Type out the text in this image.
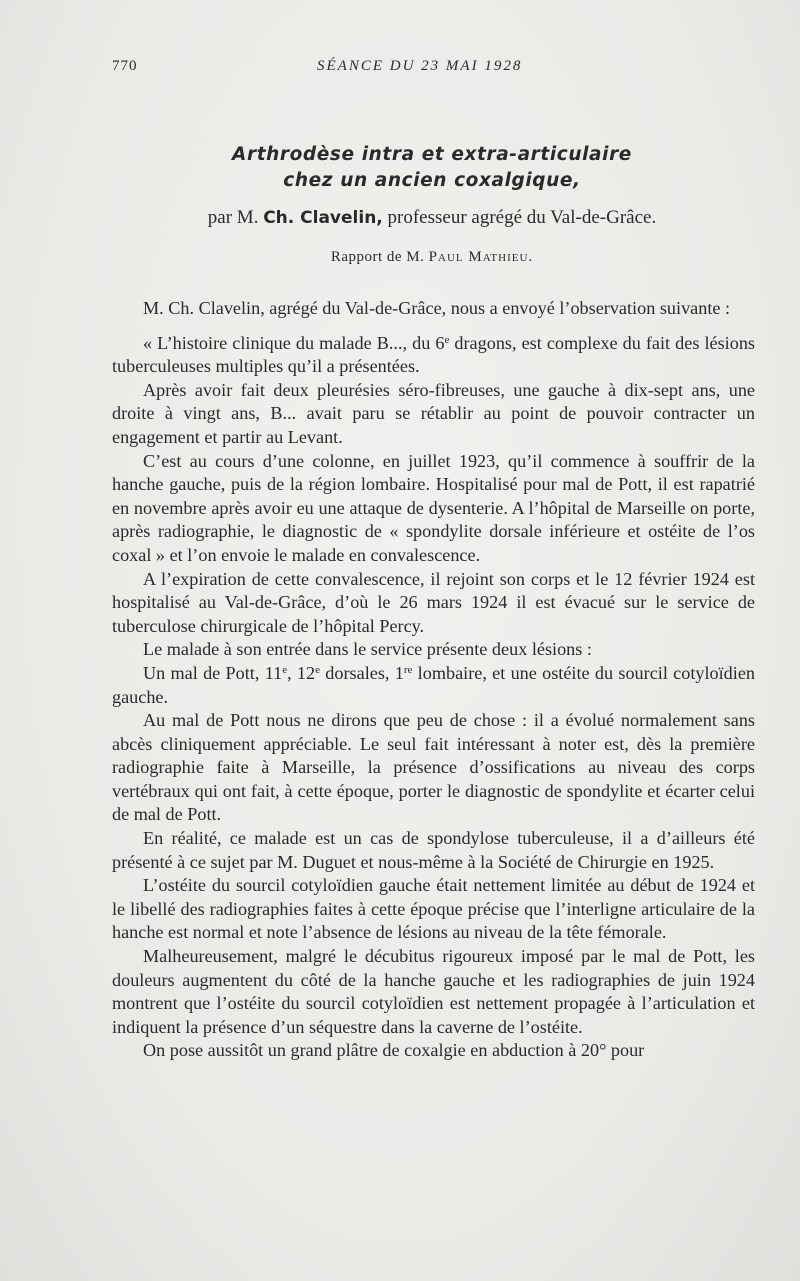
770	SÉANCE DU 23 MAI 1928
Arthrodèse intra et extra-articulaire
chez un ancien coxalgique,
par M. Ch. Clavelin, professeur agrégé du Val-de-Grâce.
Rapport de M. Paul Mathieu.

M. Ch. Clavelin, agrégé du Val-de-Grâce, nous a envoyé l’observation suivante :

« L’histoire clinique du malade B..., du 6e dragons, est complexe du fait des lésions tuberculeuses multiples qu’il a présentées.

Après avoir fait deux pleurésies séro-fibreuses, une gauche à dix-sept ans, une droite à vingt ans, B... avait paru se rétablir au point de pouvoir contracter un engagement et partir au Levant.

C’est au cours d’une colonne, en juillet 1923, qu’il commence à souffrir de la hanche gauche, puis de la région lombaire. Hospitalisé pour mal de Pott, il est rapatrié en novembre après avoir eu une attaque de dysenterie. A l’hôpital de Marseille on porte, après radiographie, le diagnostic de « spondylite dorsale inférieure et ostéite de l’os coxal » et l’on envoie le malade en convalescence.

A l’expiration de cette convalescence, il rejoint son corps et le 12 février 1924 est hospitalisé au Val-de-Grâce, d’où le 26 mars 1924 il est évacué sur le service de tuberculose chirurgicale de l’hôpital Percy.

Le malade à son entrée dans le service présente deux lésions :

Un mal de Pott, 11e, 12e dorsales, 1re lombaire, et une ostéite du sourcil cotyloïdien gauche.

Au mal de Pott nous ne dirons que peu de chose : il a évolué normalement sans abcès cliniquement appréciable. Le seul fait intéressant à noter est, dès la première radiographie faite à Marseille, la présence d’ossifications au niveau des corps vertébraux qui ont fait, à cette époque, porter le diagnostic de spondylite et écarter celui de mal de Pott.

En réalité, ce malade est un cas de spondylose tuberculeuse, il a d’ailleurs été présenté à ce sujet par M. Duguet et nous-même à la Société de Chirurgie en 1925.

L’ostéite du sourcil cotyloïdien gauche était nettement limitée au début de 1924 et le libellé des radiographies faites à cette époque précise que l’interligne articulaire de la hanche est normal et note l’absence de lésions au niveau de la tête fémorale.

Malheureusement, malgré le décubitus rigoureux imposé par le mal de Pott, les douleurs augmentent du côté de la hanche gauche et les radiographies de juin 1924 montrent que l’ostéite du sourcil cotyloïdien est nettement propagée à l’articulation et indiquent la présence d’un séquestre dans la caverne de l’ostéite.

On pose aussitôt un grand plâtre de coxalgie en abduction à 20° pour
